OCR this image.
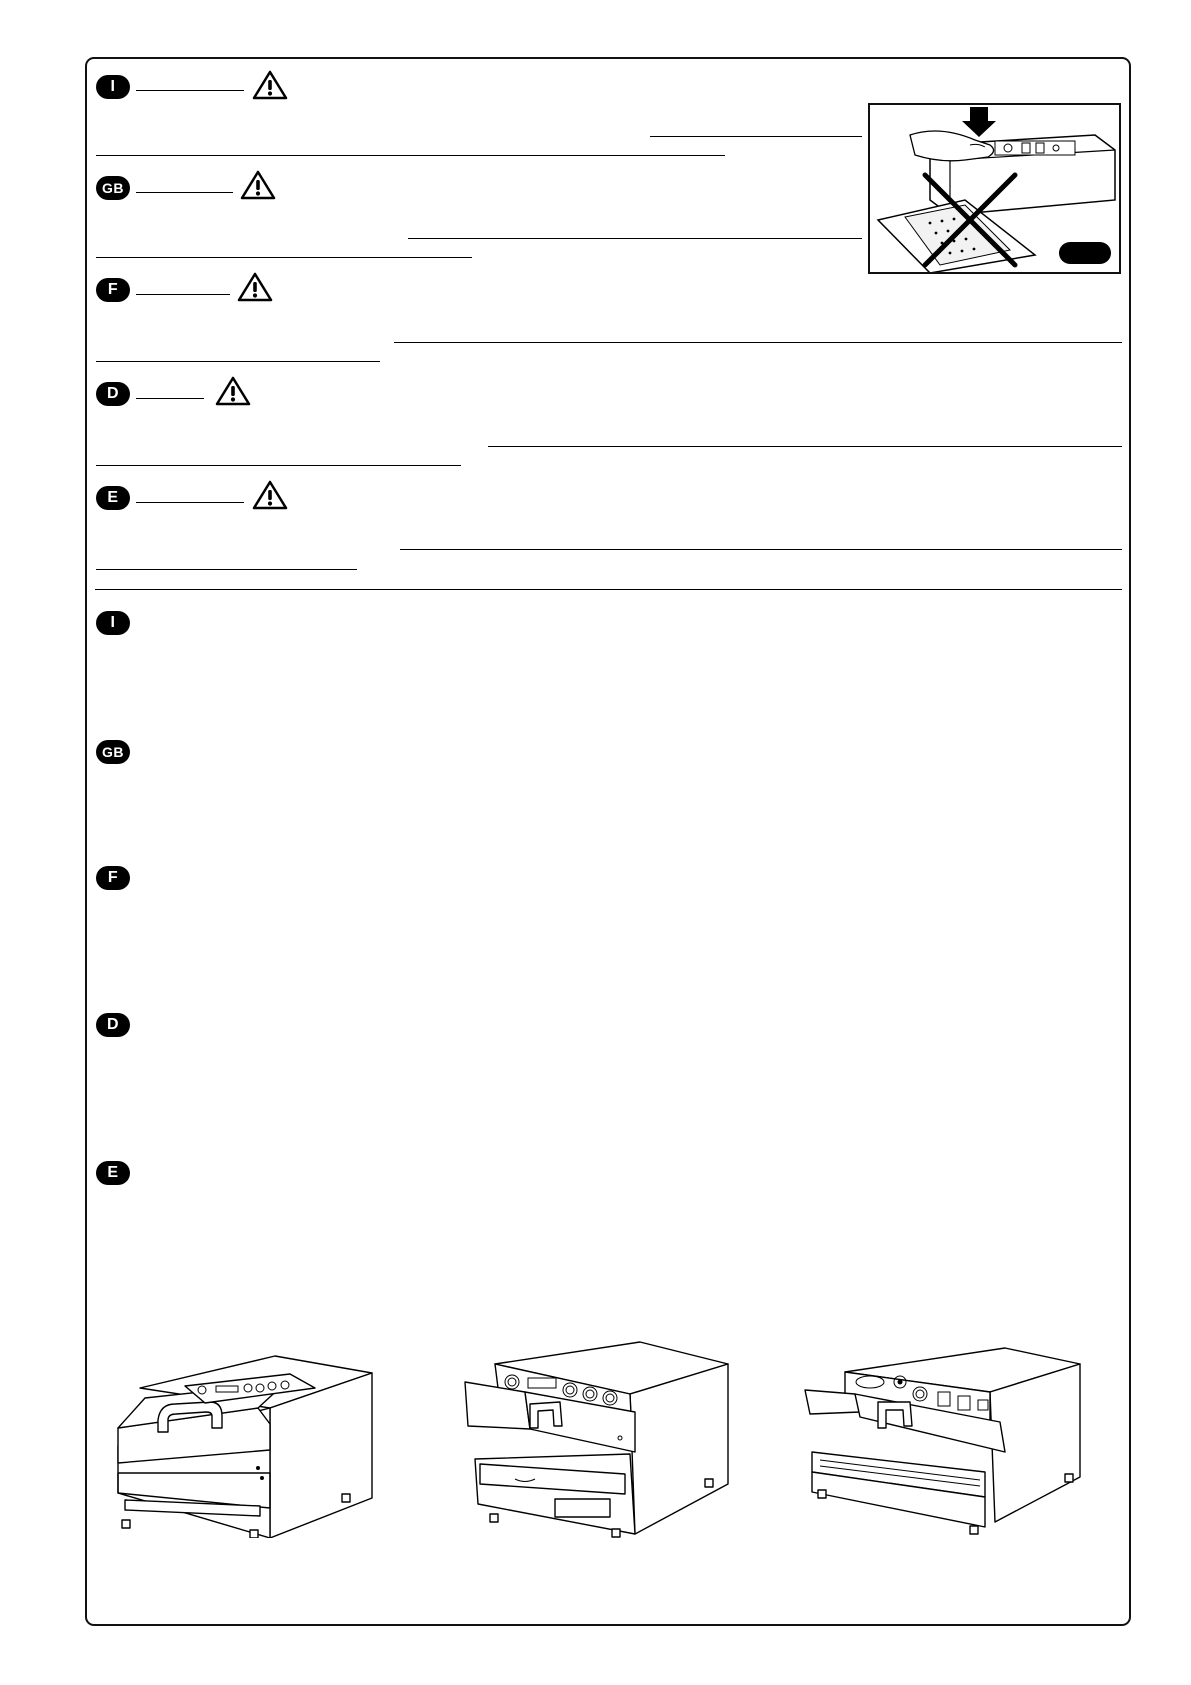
I
GB
F
D
E
I
GB
F
D
E
